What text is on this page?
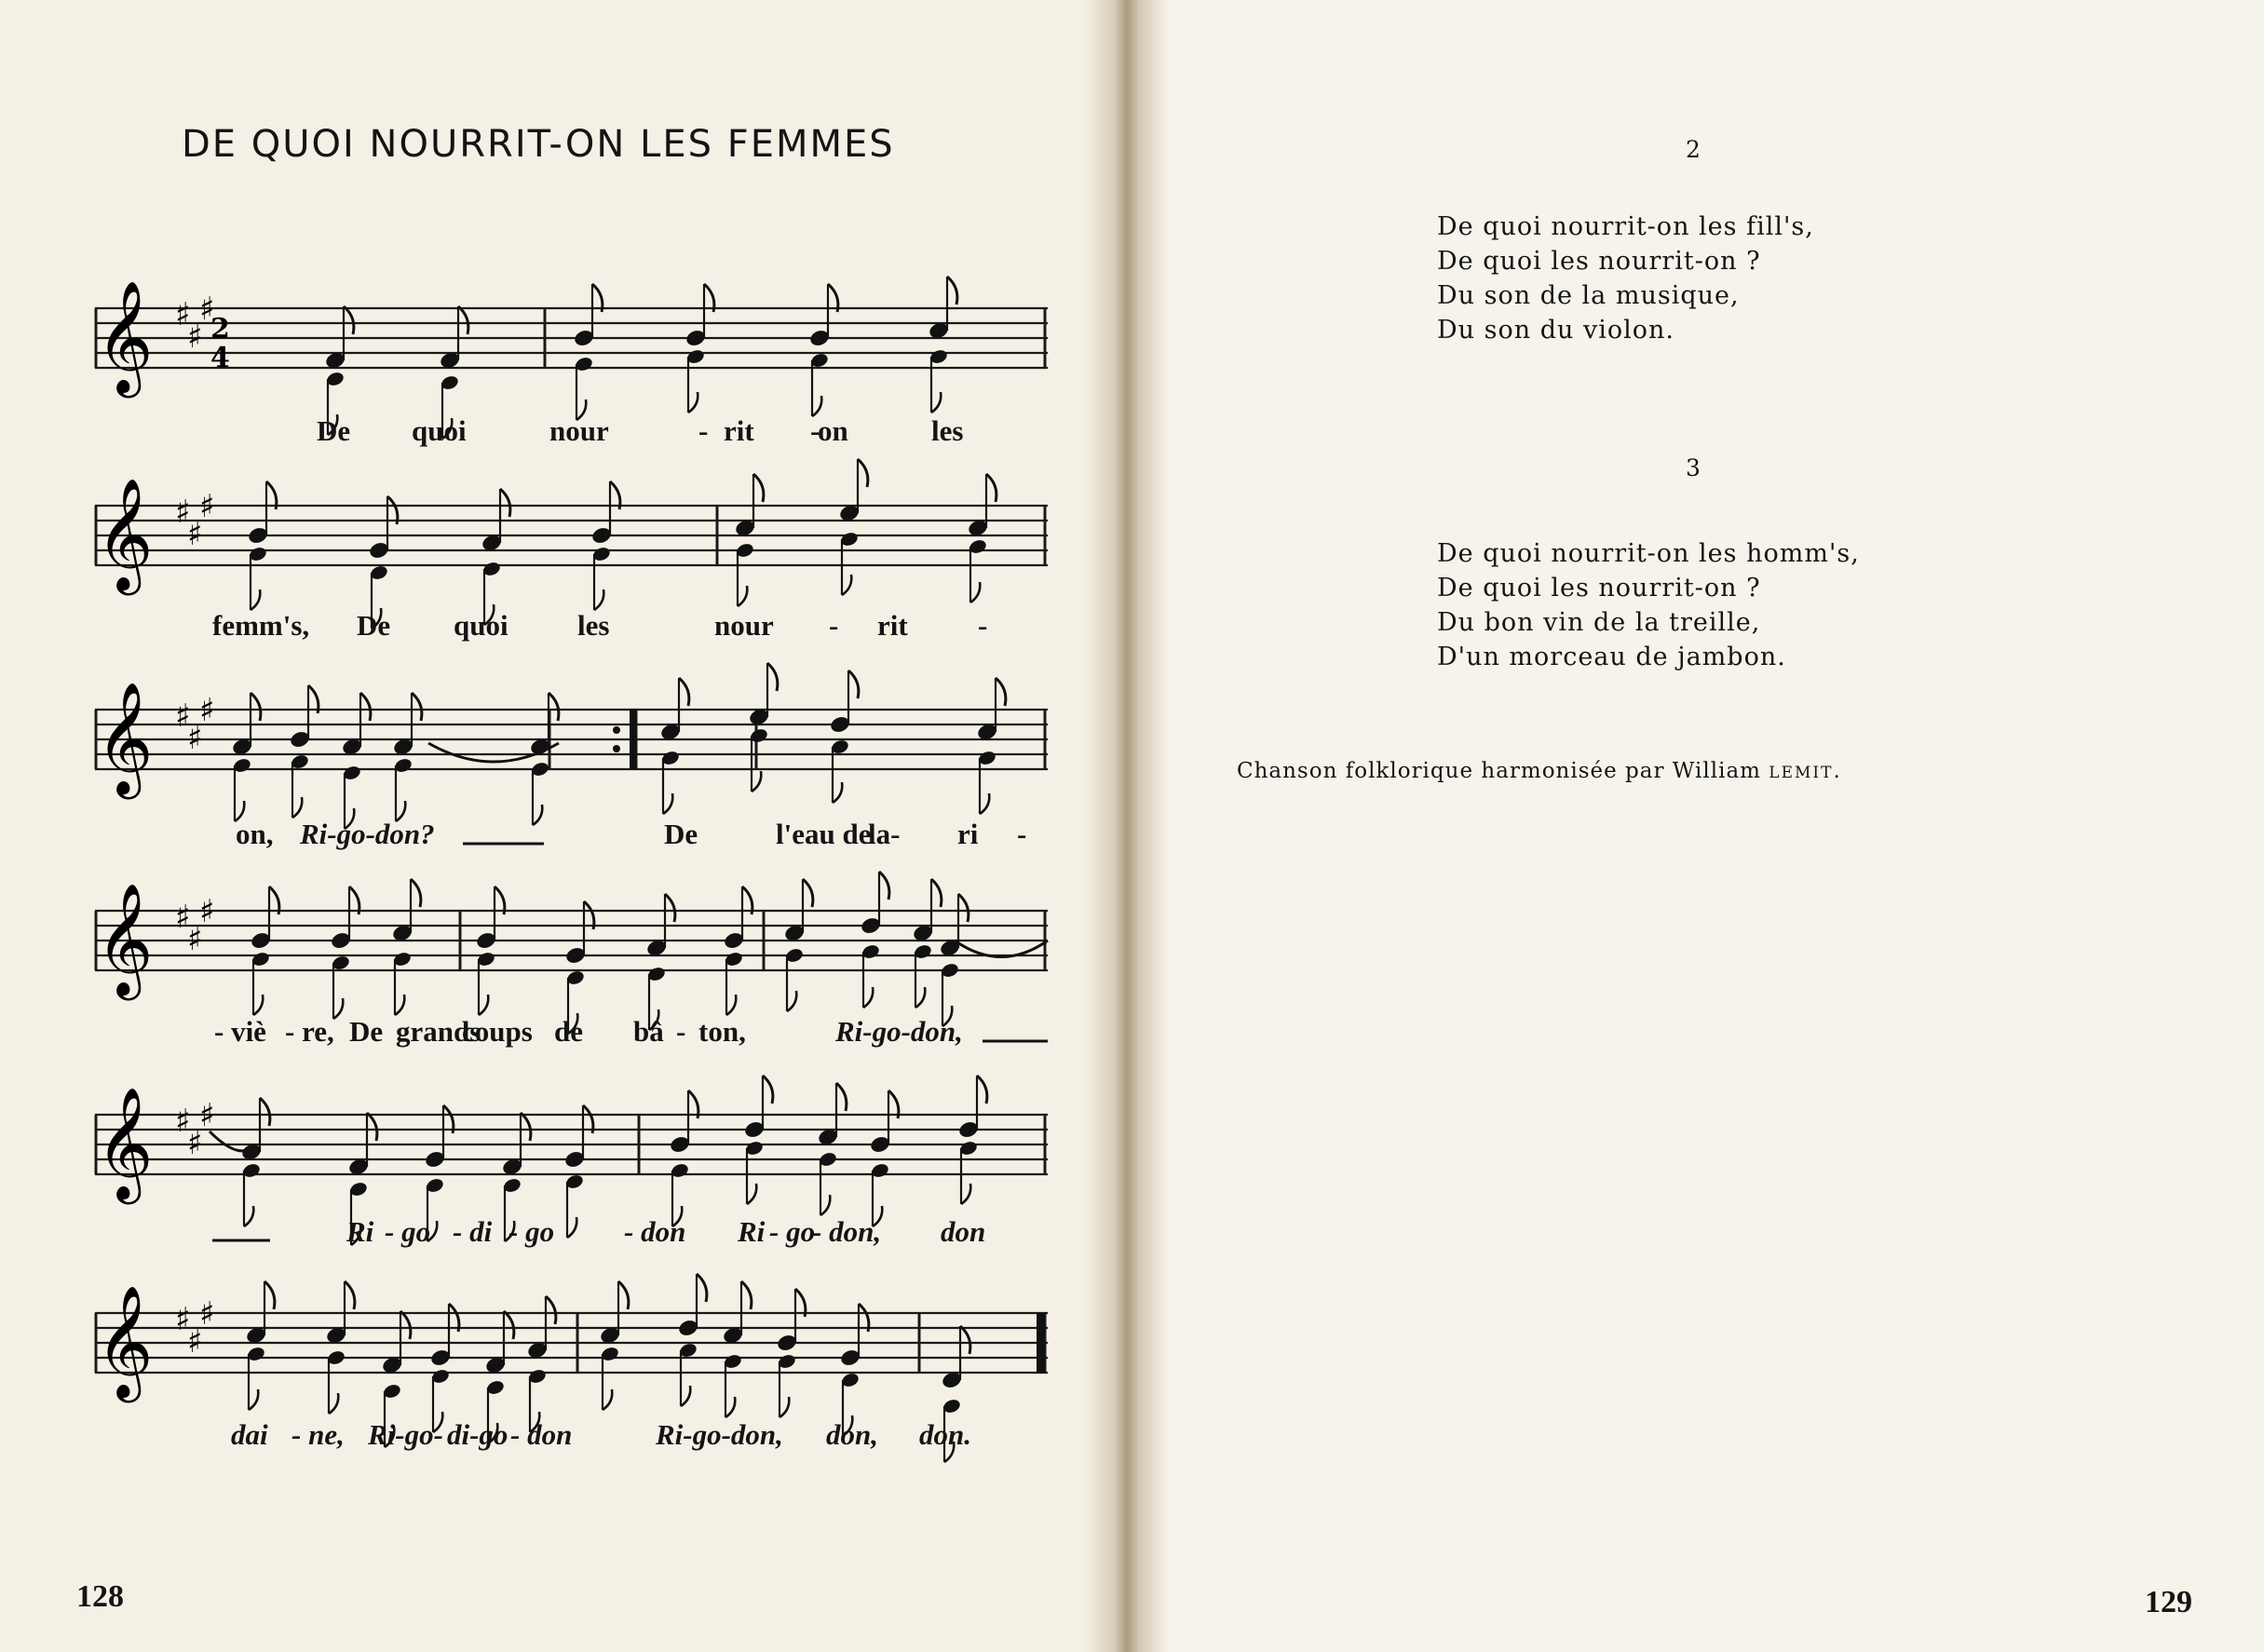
DE QUOI NOURRIT-ON LES FEMMES
𝄞 ♯
♯
♯
𝄞 ♯
♯
♯
𝄞 ♯
♯
♯
𝄞 ♯
♯
♯
𝄞 ♯
♯
♯
𝄞 ♯
♯
♯
2
4
De quoi	nour	- rit -
on	les
femm's, De quoi les	nour - rit -
on, Ri-go-don?	De	l'eau de
la- ri -
- viè - re, De grands
coups de bâ - ton,	Ri-go-don,
Ri - go - di - go - don Ri - go
- don, don
dai - ne, Ri-go- di-go - don	Ri-go-don, don, don.
128
2
De quoi nourrit-on les fill's,
De quoi les nourrit-on ?
Du son de la musique,
Du son du violon.
3
De quoi nourrit-on les homm's,
De quoi les nourrit-on ?
Du bon vin de la treille,
D'un morceau de jambon.
Chanson folklorique harmonisée par William LEMIT.
129
